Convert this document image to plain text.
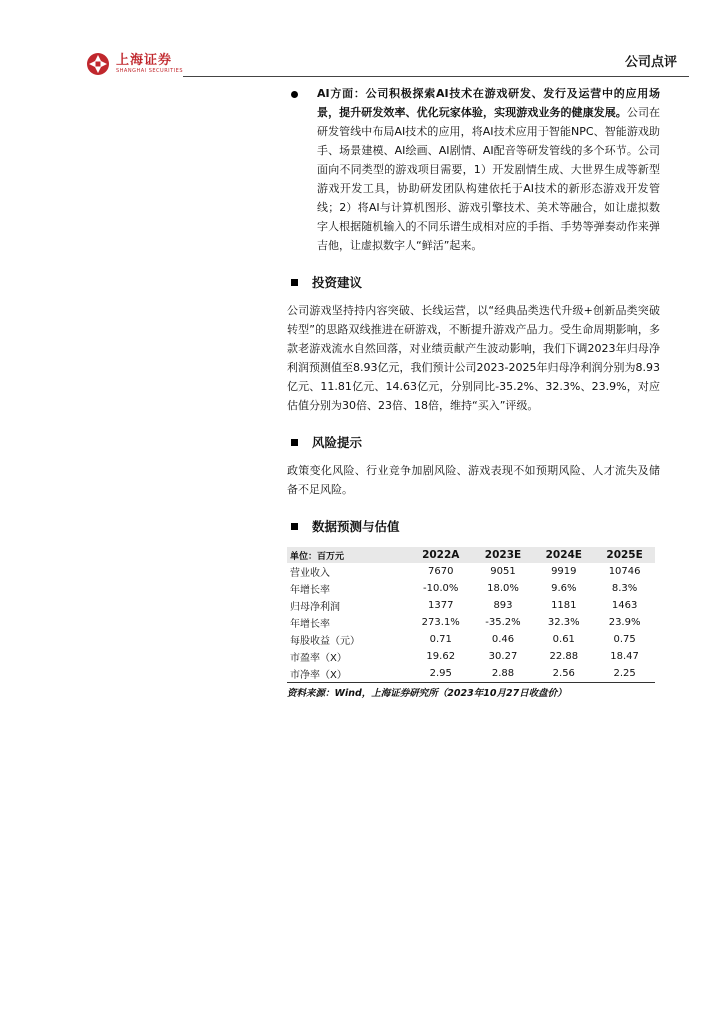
上海证券
SHANGHAI SECURITIES
公司点评

AI方面：公司积极探索AI技术在游戏研发、发行及运营中的应用场景，提升研发效率、优化玩家体验，实现游戏业务的健康发展。公司在研发管线中布局AI技术的应用，将AI技术应用于智能NPC、智能游戏助手、场景建模、AI绘画、AI剧情、AI配音等研发管线的多个环节。公司面向不同类型的游戏项目需要，1）开发剧情生成、大世界生成等新型游戏开发工具，协助研发团队构建依托于AI技术的新形态游戏开发管线；2）将AI与计算机图形、游戏引擎技术、美术等融合，如让虚拟数字人根据随机输入的不同乐谱生成相对应的手指、手势等弹奏动作来弹吉他，让虚拟数字人“鲜活”起来。

投资建议

公司游戏坚持持内容突破、长线运营，以“经典品类迭代升级+创新品类突破转型”的思路双线推进在研游戏，不断提升游戏产品力。受生命周期影响，多款老游戏流水自然回落，对业绩贡献产生波动影响，我们下调2023年归母净利润预测值至8.93亿元，我们预计公司2023-2025年归母净利润分别为8.93亿元、11.81亿元、14.63亿元，分别同比-35.2%、32.3%、23.9%，对应估值分别为30倍、23倍、18倍，维持“买入”评级。

风险提示

政策变化风险、行业竞争加剧风险、游戏表现不如预期风险、人才流失及储备不足风险。

数据预测与估值
单位：百万元	2022A	2023E	2024E	2025E
营业收入	7670	9051	9919	10746
年增长率	-10.0%	18.0%	9.6%	8.3%
归母净利润	1377	893	1181	1463
年增长率	273.1%	-35.2%	32.3%	23.9%
每股收益（元）	0.71	0.46	0.61	0.75
市盈率（X）	19.62	30.27	22.88	18.47
市净率（X）	2.95	2.88	2.56	2.25
资料来源：Wind，上海证券研究所（2023年10月27日收盘价）
